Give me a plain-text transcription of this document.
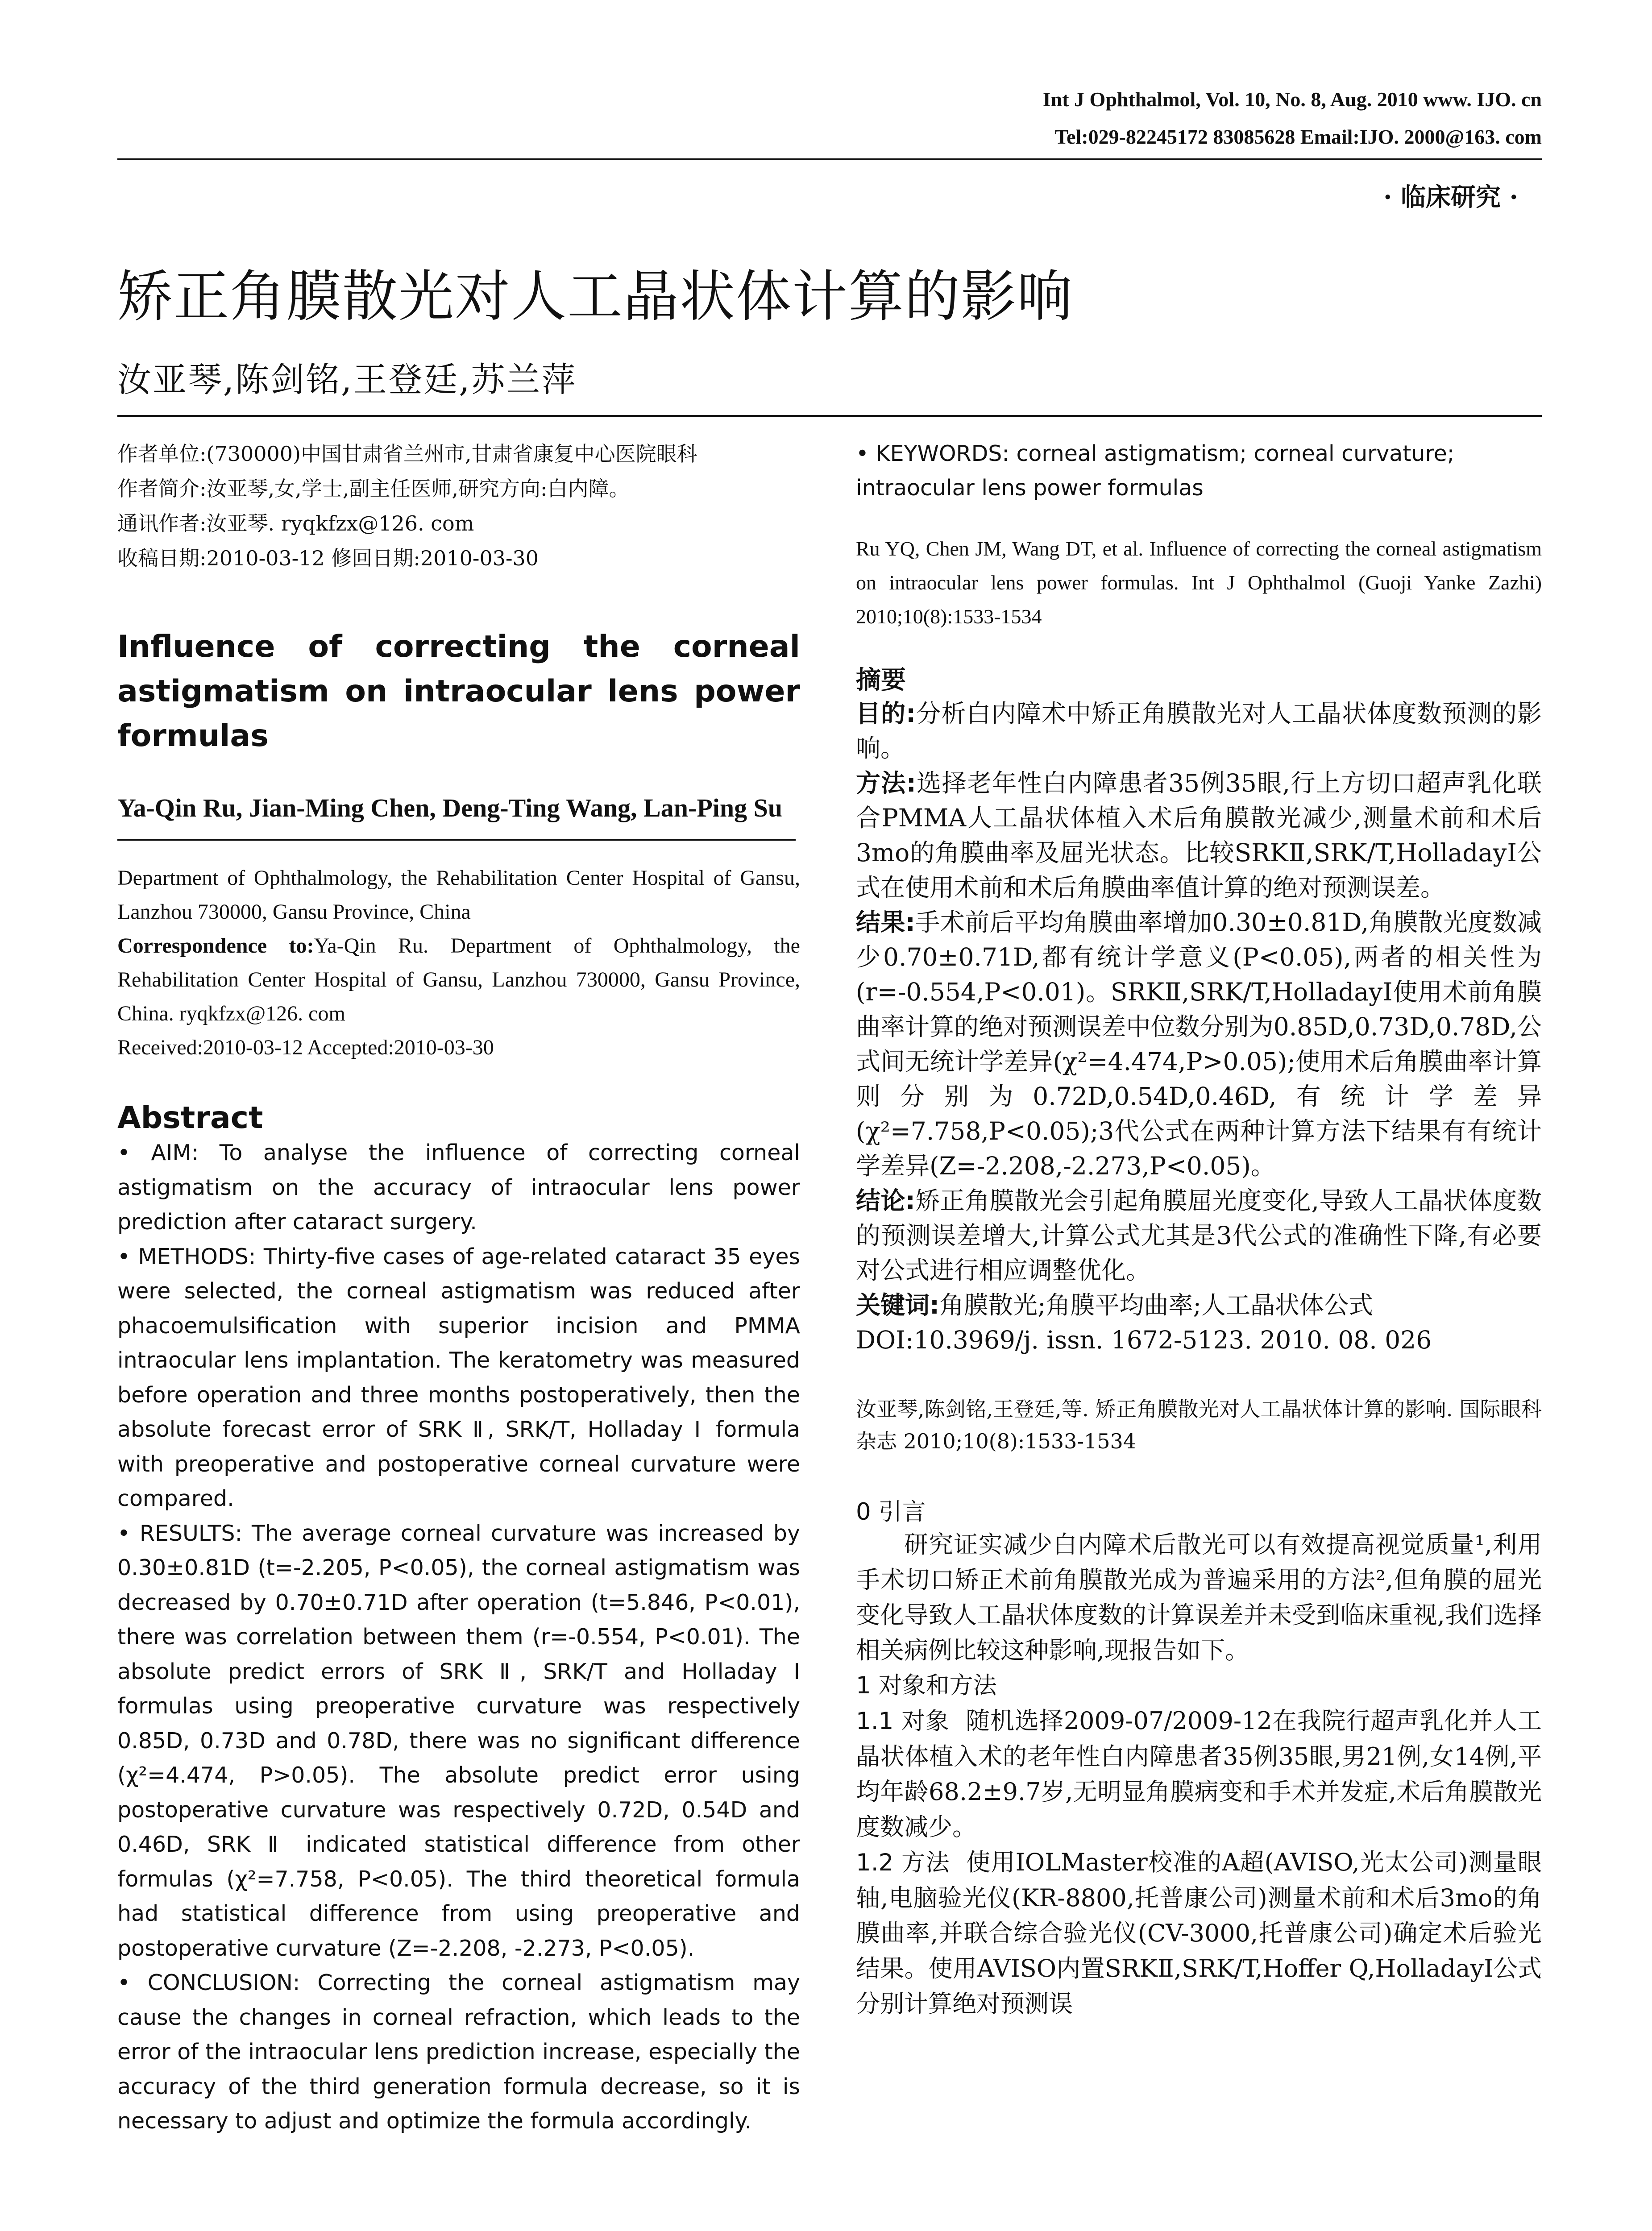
Int J Ophthalmol, Vol. 10, No. 8, Aug. 2010 www. IJO. cn
Tel:029-82245172 83085628 Email:IJO. 2000@163. com
· 临床研究 ·
矫正角膜散光对人工晶状体计算的影响
汝亚琴,陈剑铭,王登廷,苏兰萍

作者单位:(730000)中国甘肃省兰州市,甘肃省康复中心医院眼科

作者简介:汝亚琴,女,学士,副主任医师,研究方向:白内障。

通讯作者:汝亚琴. ryqkfzx@126. com

收稿日期:2010-03-12 修回日期:2010-03-30

Influence of correcting the corneal astigmatism on intraocular lens power formulas
Ya-Qin Ru, Jian-Ming Chen, Deng-Ting Wang, Lan-Ping Su

Department of Ophthalmology, the Rehabilitation Center Hospital of Gansu, Lanzhou 730000, Gansu Province, China

Correspondence to:Ya-Qin Ru. Department of Ophthalmology, the Rehabilitation Center Hospital of Gansu, Lanzhou 730000, Gansu Province, China. ryqkfzx@126. com

Received:2010-03-12 Accepted:2010-03-30

Abstract

• AIM: To analyse the influence of correcting corneal astigmatism on the accuracy of intraocular lens power prediction after cataract surgery.

• METHODS: Thirty-five cases of age-related cataract 35 eyes were selected, the corneal astigmatism was reduced after phacoemulsification with superior incision and PMMA intraocular lens implantation. The keratometry was measured before operation and three months postoperatively, then the absolute forecast error of SRK Ⅱ, SRK/T, Holladay Ⅰ formula with preoperative and postoperative corneal curvature were compared.

• RESULTS: The average corneal curvature was increased by 0.30±0.81D (t=-2.205, P<0.05), the corneal astigmatism was decreased by 0.70±0.71D after operation (t=5.846, P<0.01), there was correlation between them (r=-0.554, P<0.01). The absolute predict errors of SRK Ⅱ, SRK/T and Holladay Ⅰ formulas using preoperative curvature was respectively 0.85D, 0.73D and 0.78D, there was no significant difference (χ²=4.474, P>0.05). The absolute predict error using postoperative curvature was respectively 0.72D, 0.54D and 0.46D, SRK Ⅱ indicated statistical difference from other formulas (χ²=7.758, P<0.05). The third theoretical formula had statistical difference from using preoperative and postoperative curvature (Z=-2.208, -2.273, P<0.05).

• CONCLUSION: Correcting the corneal astigmatism may cause the changes in corneal refraction, which leads to the error of the intraocular lens prediction increase, especially the accuracy of the third generation formula decrease, so it is necessary to adjust and optimize the formula accordingly.

• KEYWORDS: corneal astigmatism; corneal curvature; intraocular lens power formulas

Ru YQ, Chen JM, Wang DT, et al. Influence of correcting the corneal astigmatism on intraocular lens power formulas. Int J Ophthalmol (Guoji Yanke Zazhi) 2010;10(8):1533-1534

摘要

目的:分析白内障术中矫正角膜散光对人工晶状体度数预测的影响。

方法:选择老年性白内障患者35例35眼,行上方切口超声乳化联合PMMA人工晶状体植入术后角膜散光减少,测量术前和术后3mo的角膜曲率及屈光状态。比较SRKⅡ,SRK/T,HolladayⅠ公式在使用术前和术后角膜曲率值计算的绝对预测误差。

结果:手术前后平均角膜曲率增加0.30±0.81D,角膜散光度数减少0.70±0.71D,都有统计学意义(P<0.05),两者的相关性为(r=-0.554,P<0.01)。SRKⅡ,SRK/T,HolladayⅠ使用术前角膜曲率计算的绝对预测误差中位数分别为0.85D,0.73D,0.78D,公式间无统计学差异(χ²=4.474,P>0.05);使用术后角膜曲率计算则分别为0.72D,0.54D,0.46D,有统计学差异(χ²=7.758,P<0.05);3代公式在两种计算方法下结果有有统计学差异(Z=-2.208,-2.273,P<0.05)。

结论:矫正角膜散光会引起角膜屈光度变化,导致人工晶状体度数的预测误差增大,计算公式尤其是3代公式的准确性下降,有必要对公式进行相应调整优化。

关键词:角膜散光;角膜平均曲率;人工晶状体公式

DOI:10.3969/j. issn. 1672-5123. 2010. 08. 026

汝亚琴,陈剑铭,王登廷,等. 矫正角膜散光对人工晶状体计算的影响. 国际眼科杂志 2010;10(8):1533-1534

0 引言

研究证实减少白内障术后散光可以有效提高视觉质量¹,利用手术切口矫正术前角膜散光成为普遍采用的方法²,但角膜的屈光变化导致人工晶状体度数的计算误差并未受到临床重视,我们选择相关病例比较这种影响,现报告如下。

1 对象和方法

1.1 对象 随机选择2009-07/2009-12在我院行超声乳化并人工晶状体植入术的老年性白内障患者35例35眼,男21例,女14例,平均年龄68.2±9.7岁,无明显角膜病变和手术并发症,术后角膜散光度数减少。

1.2 方法 使用IOLMaster校准的A超(AVISO,光太公司)测量眼轴,电脑验光仪(KR-8800,托普康公司)测量术前和术后3mo的角膜曲率,并联合综合验光仪(CV-3000,托普康公司)确定术后验光结果。使用AVISO内置SRKⅡ,SRK/T,Hoffer Q,HolladayⅠ公式分别计算绝对预测误
